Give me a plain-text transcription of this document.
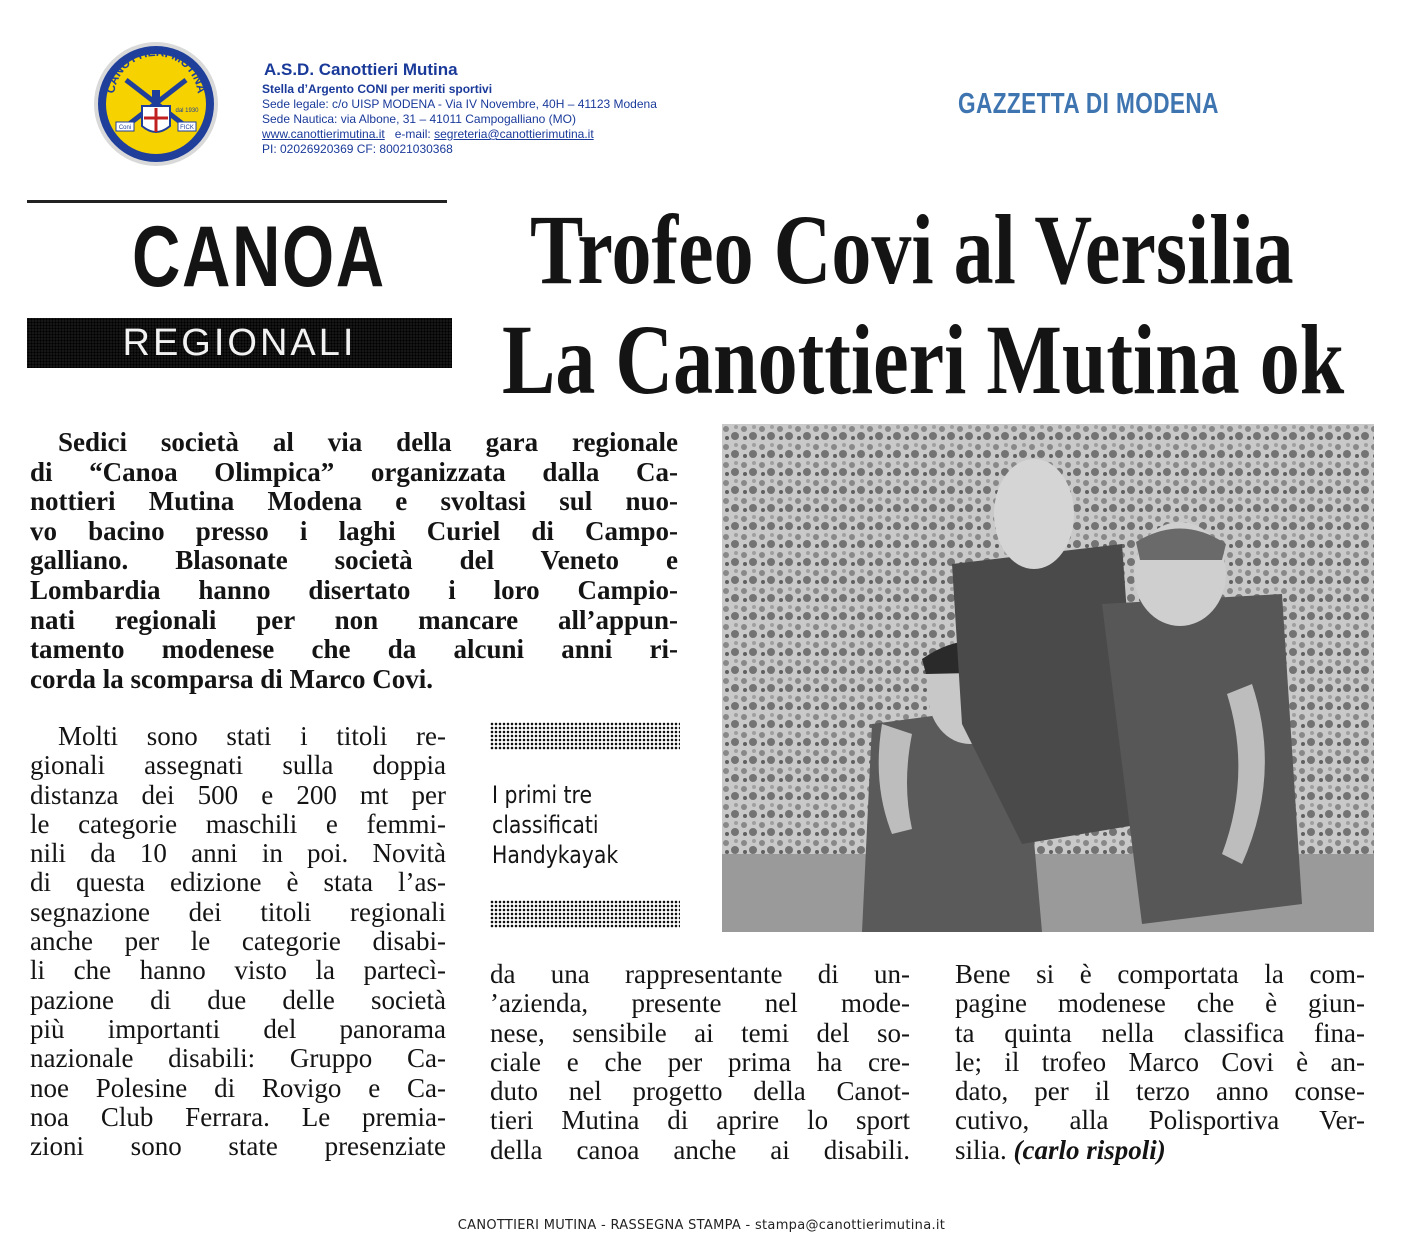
CANOTTIERI MUTINA
Coni	FICK
dal 1930
A.S.D. Canottieri Mutina
Stella d’Argento CONI per meriti sportivi
Sede legale: c/o UISP MODENA - Via IV Novembre, 40H – 41123 Modena
Sede Nautica: via Albone, 31 – 41011 Campogalliano (MO)
www.canottierimutina.it e-mail: segreteria@canottierimutina.it
PI: 02026920369 CF: 80021030368
GAZZETTA DI MODENA
CANOA
REGIONALI
Trofeo Covi al Versilia
La Canottieri Mutina ok
Sedici società al via della gara regionale
di “Canoa Olimpica” organizzata dalla Ca-
nottieri Mutina Modena e svoltasi sul nuo-
vo bacino presso i laghi Curiel di Campo-
galliano. Blasonate società del Veneto e
Lombardia hanno disertato i loro Campio-
nati regionali per non mancare all’appun-
tamento modenese che da alcuni anni ri-
corda la scomparsa di Marco Covi.
I primi tre
classificati
Handykayak
Molti sono stati i titoli re-
gionali assegnati sulla doppia
distanza dei 500 e 200 mt per
le categorie maschili e femmi-
nili da 10 anni in poi. Novità
di questa edizione è stata l’as-
segnazione dei titoli regionali
anche per le categorie disabi-
li che hanno visto la partecì-
pazione di due delle società
più importanti del panorama
nazionale disabili: Gruppo Ca-
noe Polesine di Rovigo e Ca-
noa Club Ferrara. Le premia-
zioni sono state presenziate
da una rappresentante di un-
’azienda, presente nel mode-
nese, sensibile ai temi del so-
ciale e che per prima ha cre-
duto nel progetto della Canot-
tieri Mutina di aprire lo sport
della canoa anche ai disabili.
Bene si è comportata la com-
pagine modenese che è giun-
ta quinta nella classifica fina-
le; il trofeo Marco Covi è an-
dato, per il terzo anno conse-
cutivo, alla Polisportiva Ver-
silia. (carlo rispoli)
CANOTTIERI MUTINA - RASSEGNA STAMPA - stampa@canottierimutina.it
